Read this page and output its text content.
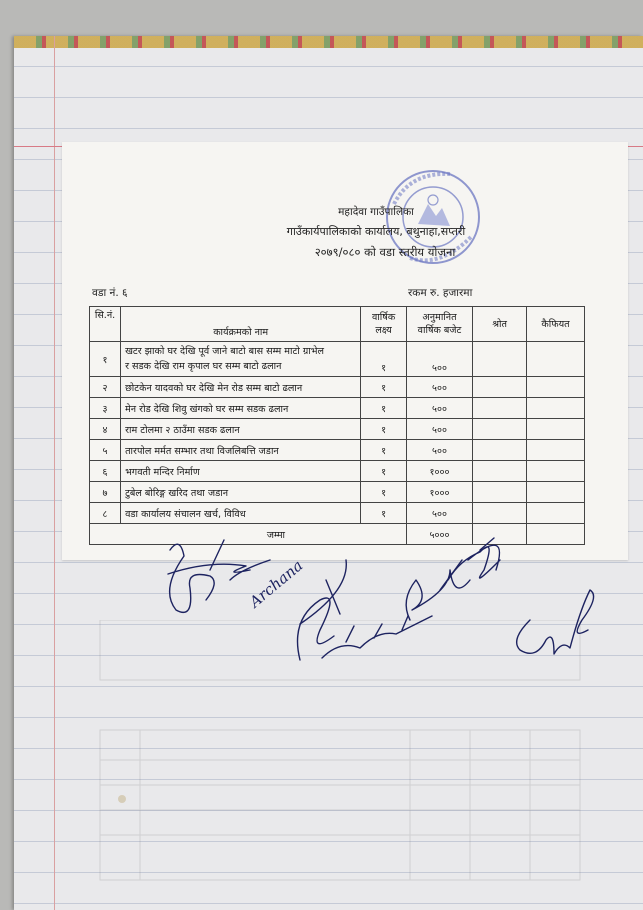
महादेवा गाउँपालिका
गाउँकार्यपालिकाको कार्यालय, बथुनाहा,सप्तरी
२०७९/०८० को वडा स्तरीय योजना
वडा नं. ६	रकम रु. हजारमा
सि.नं.	कार्यक्रमको नाम	वार्षिक लक्ष्य	अनुमानित वार्षिक बजेट	श्रोत	कैफियत
१	खटर झाको घर देखि पूर्व जाने बाटो बास सम्म माटो ग्राभेल
र सडक देखि राम कृपाल घर सम्म बाटो ढलान	१	५००		
२	छोटकेन यादवको घर देखि मेन रोड सम्म बाटो ढलान	१	५००		
३	मेन रोड देखि शिवु खंगको घर सम्म सडक ढलान	१	५००		
४	राम टोलमा २ ठाउँमा सडक ढलान	१	५००		
५	तारपोल मर्मत सम्भार तथा विजलिबत्ति जडान	१	५००		
६	भगवती मन्दिर निर्माण	१	१०००		
७	टुबेल बोरिङ्ग खरिद तथा जडान	१	१०००		
८	वडा कार्यालय संचालन खर्च, विविध	१	५००		
जम्मा			५०००		
Archana
